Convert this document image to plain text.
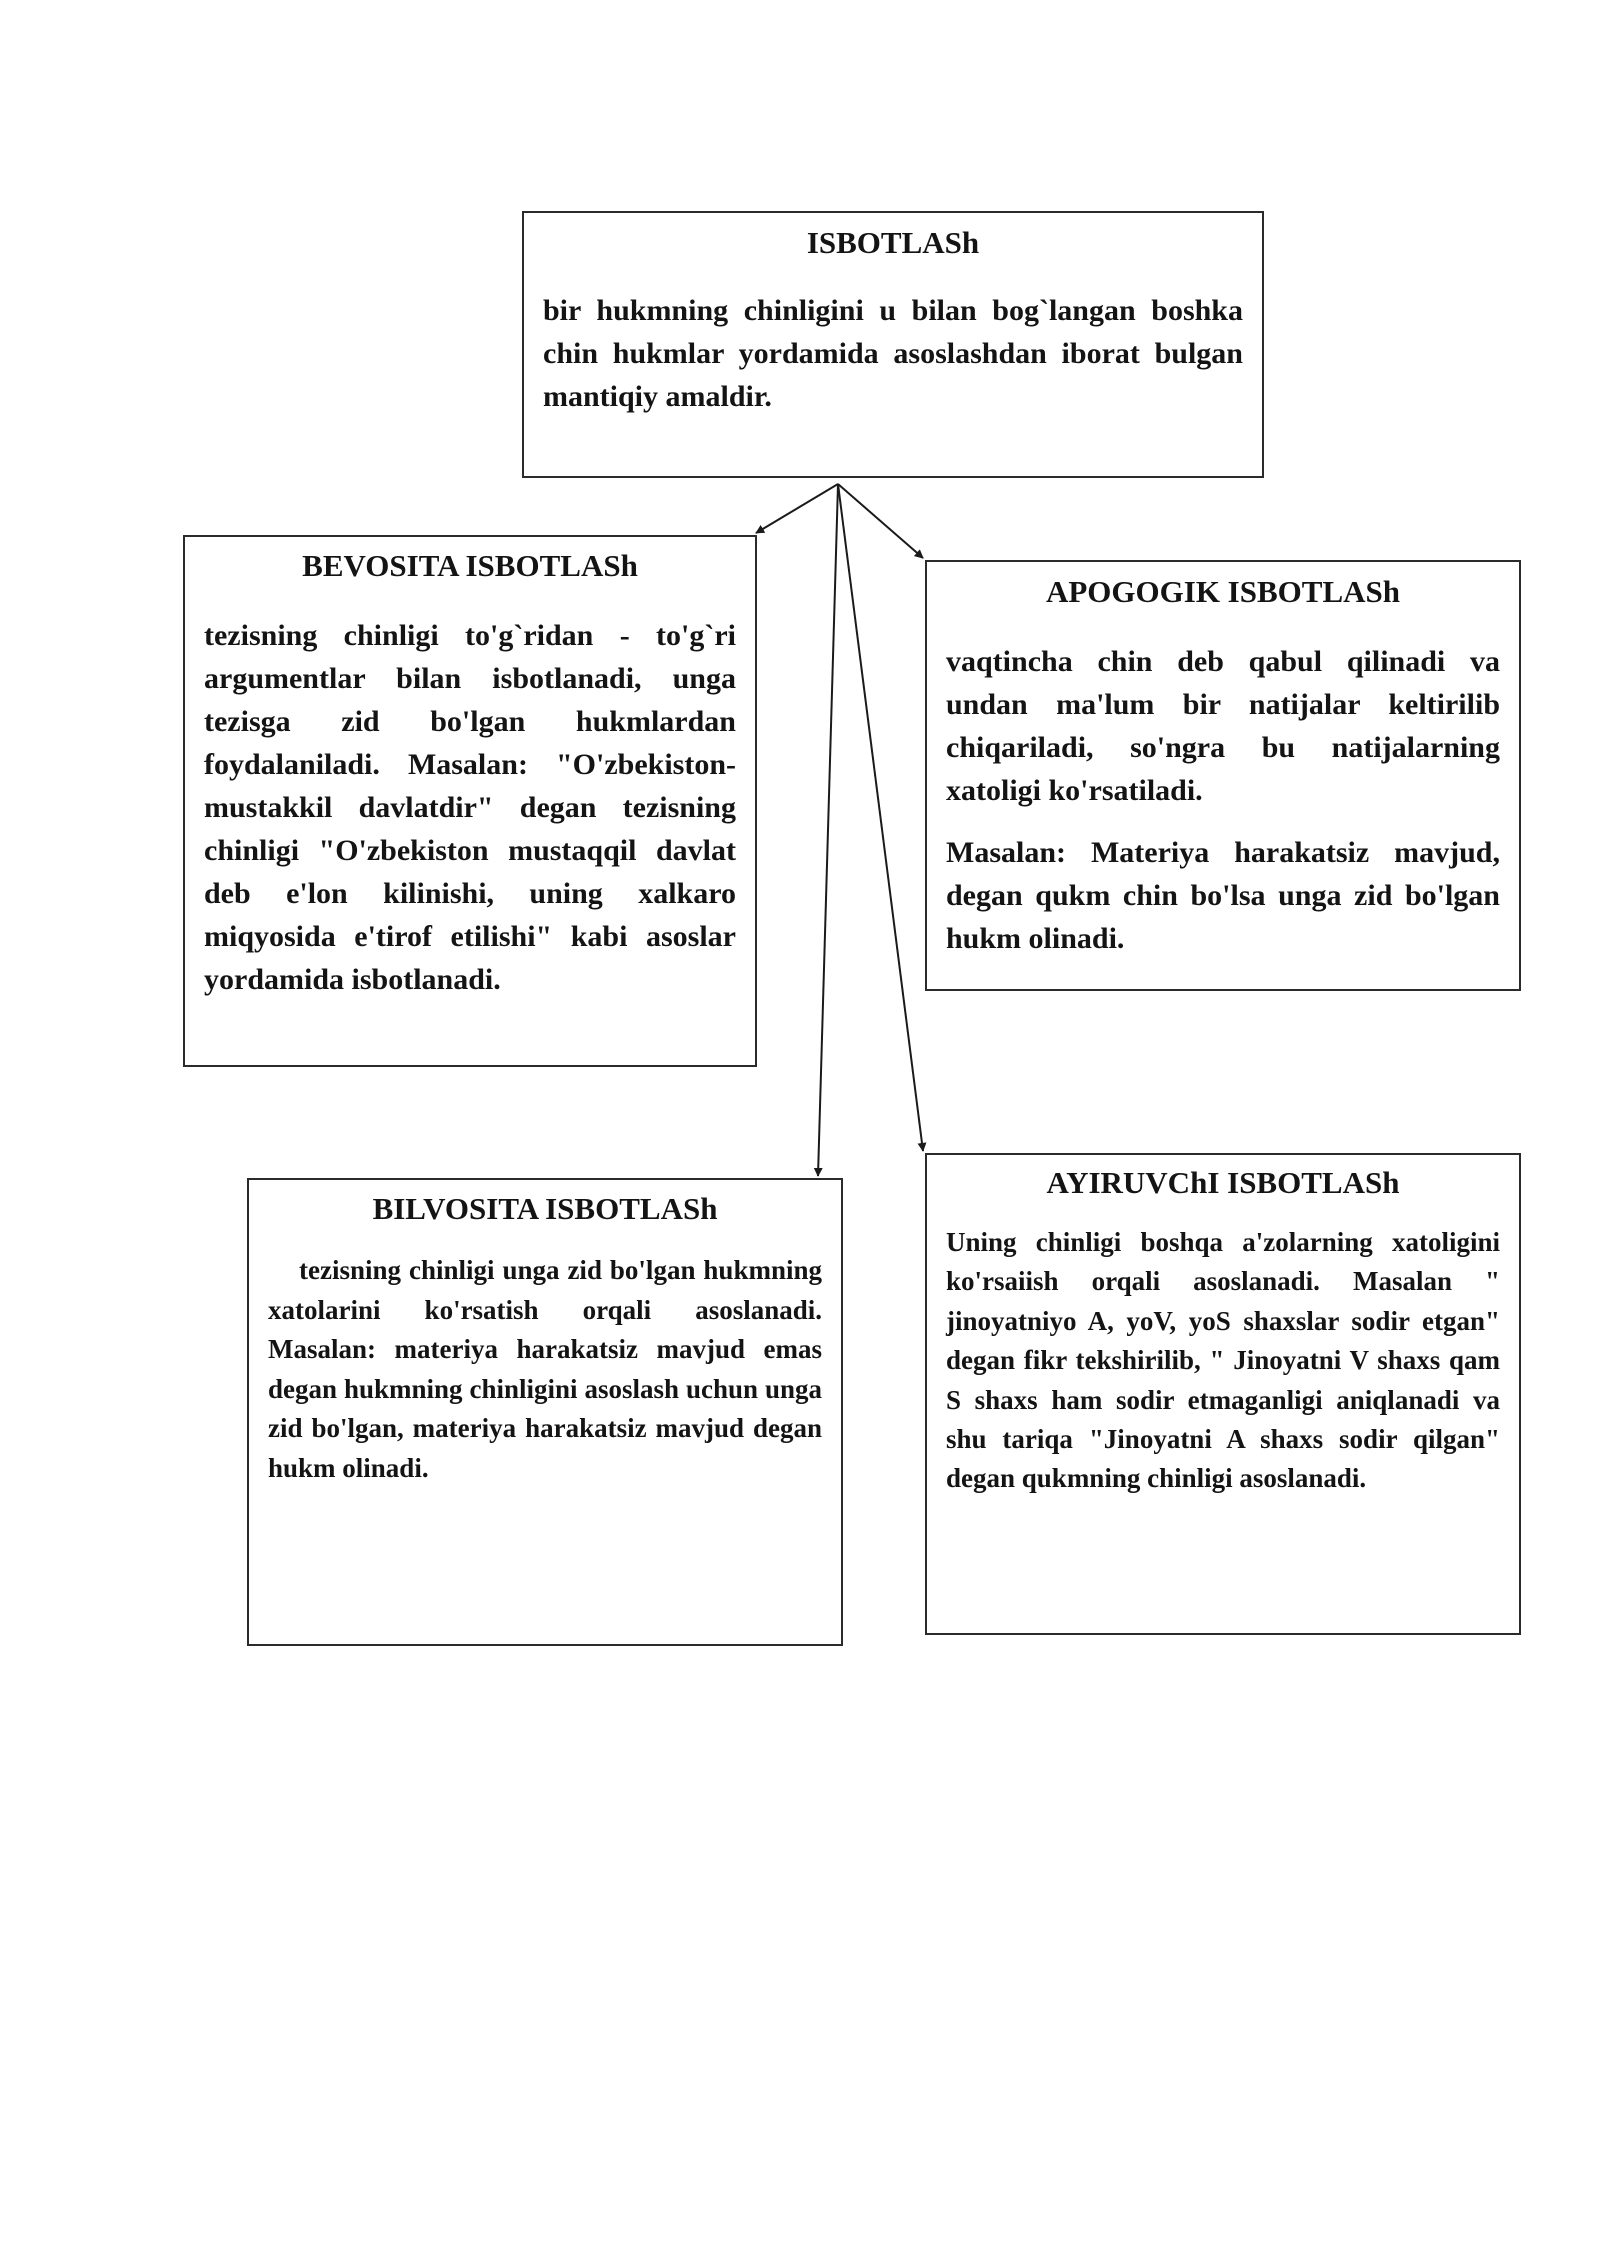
ISBOTLASh

bir hukmning chinligini u bilan bog`langan boshka chin hukmlar yordamida asoslashdan iborat bulgan mantiqiy amaldir.

BEVOSITA ISBOTLASh

tezisning chinligi to'g`ridan - to'g`ri argumentlar bilan isbotlanadi, unga tezisga zid bo'lgan hukmlardan foydalaniladi. Masalan: "O'zbekiston-mustakkil davlatdir" degan tezisning chinligi "O'zbekiston mustaqqil davlat deb e'lon kilinishi, uning xalkaro miqyosida e'tirof etilishi" kabi asoslar yordamida isbotlanadi.

APOGOGIK ISBOTLASh

vaqtincha chin deb qabul qilinadi va undan ma'lum bir natijalar keltirilib chiqariladi, so'ngra bu natijalarning xatoligi ko'rsatiladi.

Masalan: Materiya harakatsiz mavjud, degan qukm chin bo'lsa unga zid bo'lgan hukm olinadi.

BILVOSITA ISBOTLASh

tezisning chinligi unga zid bo'lgan hukmning xatolarini ko'rsatish orqali asoslanadi. Masalan: materiya harakatsiz mavjud emas degan hukmning chinligini asoslash uchun unga zid bo'lgan, materiya harakatsiz mavjud degan hukm olinadi.

AYIRUVChI ISBOTLASh

Uning chinligi boshqa a'zolarning xatoligini ko'rsaiish orqali asoslanadi. Masalan " jinoyatniyo A, yoV, yoS shaxslar sodir etgan" degan fikr tekshirilib, " Jinoyatni V shaxs qam S shaxs ham sodir etmaganligi aniqlanadi va shu tariqa "Jinoyatni A shaxs sodir qilgan" degan qukmning chinligi asoslanadi.
